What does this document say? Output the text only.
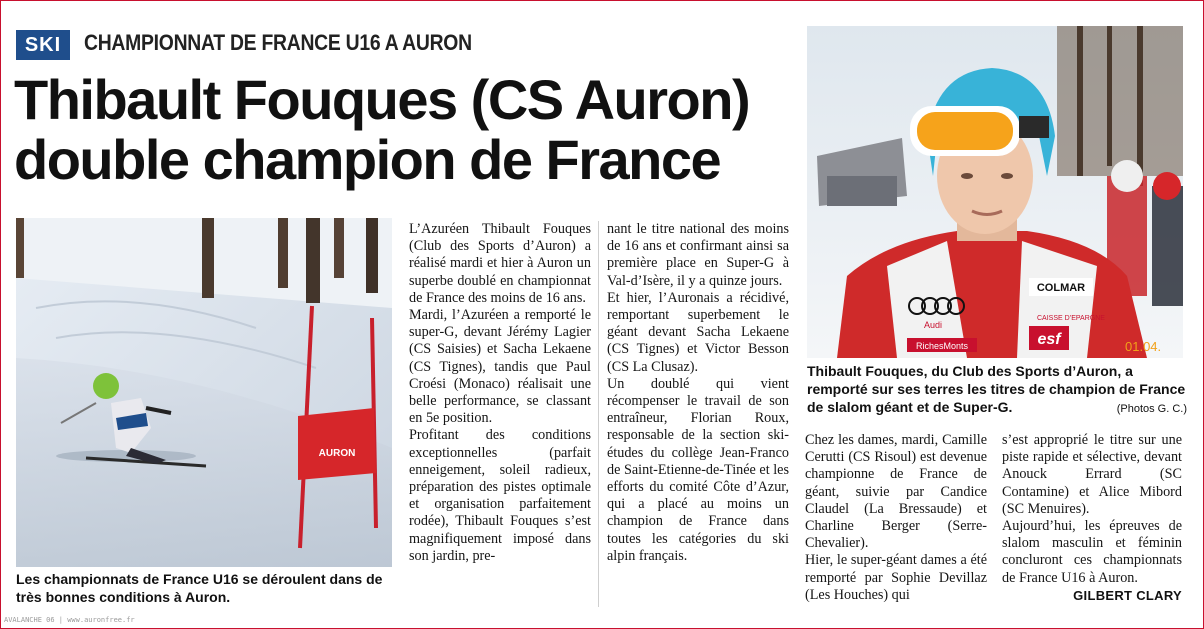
SKI	CHAMPIONNAT DE FRANCE U16 A AURON
Thibault Fouques (CS Auron)
double champion de France
AURON
Les championnats de France U16 se déroulent dans de très bonnes conditions à Auron.
COLMAR
Audi
RichesMonts
CAISSE D’EPARGNE
esf	01.04.
Thibault Fouques, du Club des Sports d’Auron, a remporté sur ses terres les titres de champion de France de slalom géant et de Super-G.	(Photos G. C.)

L’Azuréen Thibault Fouques (Club des Sports d’Auron) a réalisé mardi et hier à Auron un superbe doublé en championnat de France des moins de 16 ans.

Mardi, l’Azuréen a remporté le super-G, devant Jérémy Lagier (CS Saisies) et Sacha Lekaene (CS Tignes), tandis que Paul Croési (Monaco) réalisait une belle performance, se classant en 5e position.

Profitant des conditions exceptionnelles (parfait enneigement, soleil radieux, préparation des pistes optimale et organisation parfaitement rodée), Thibault Fouques s’est magnifiquement imposé dans son jardin, pre-

nant le titre national des moins de 16 ans et confirmant ainsi sa première place en Super-G à Val-d’Isère, il y a quinze jours.

Et hier, l’Auronais a récidivé, remportant superbement le géant devant Sacha Lekaene (CS Tignes) et Victor Besson (CS La Clusaz).

Un doublé qui vient récompenser le travail de son entraîneur, Florian Roux, responsable de la section ski-études du collège Jean-Franco de Saint-Etienne-de-Tinée et les efforts du comité Côte d’Azur, qui a placé au moins un champion de France dans toutes les catégories du ski alpin français.

Chez les dames, mardi, Camille Cerutti (CS Risoul) est devenue championne de France de géant, suivie par Candice Claudel (La Bressaude) et Charline Berger (Serre-Chevalier).

Hier, le super-géant dames a été remporté par Sophie Devillaz (Les Houches) qui

s’est approprié le titre sur une piste rapide et sélective, devant Anouck Errard (SC Contamine) et Alice Mibord (SC Menuires).

Aujourd’hui, les épreuves de slalom masculin et féminin concluront ces championnats de France U16 à Auron.

GILBERT CLARY
AVALANCHE 06 | www.auronfree.fr
